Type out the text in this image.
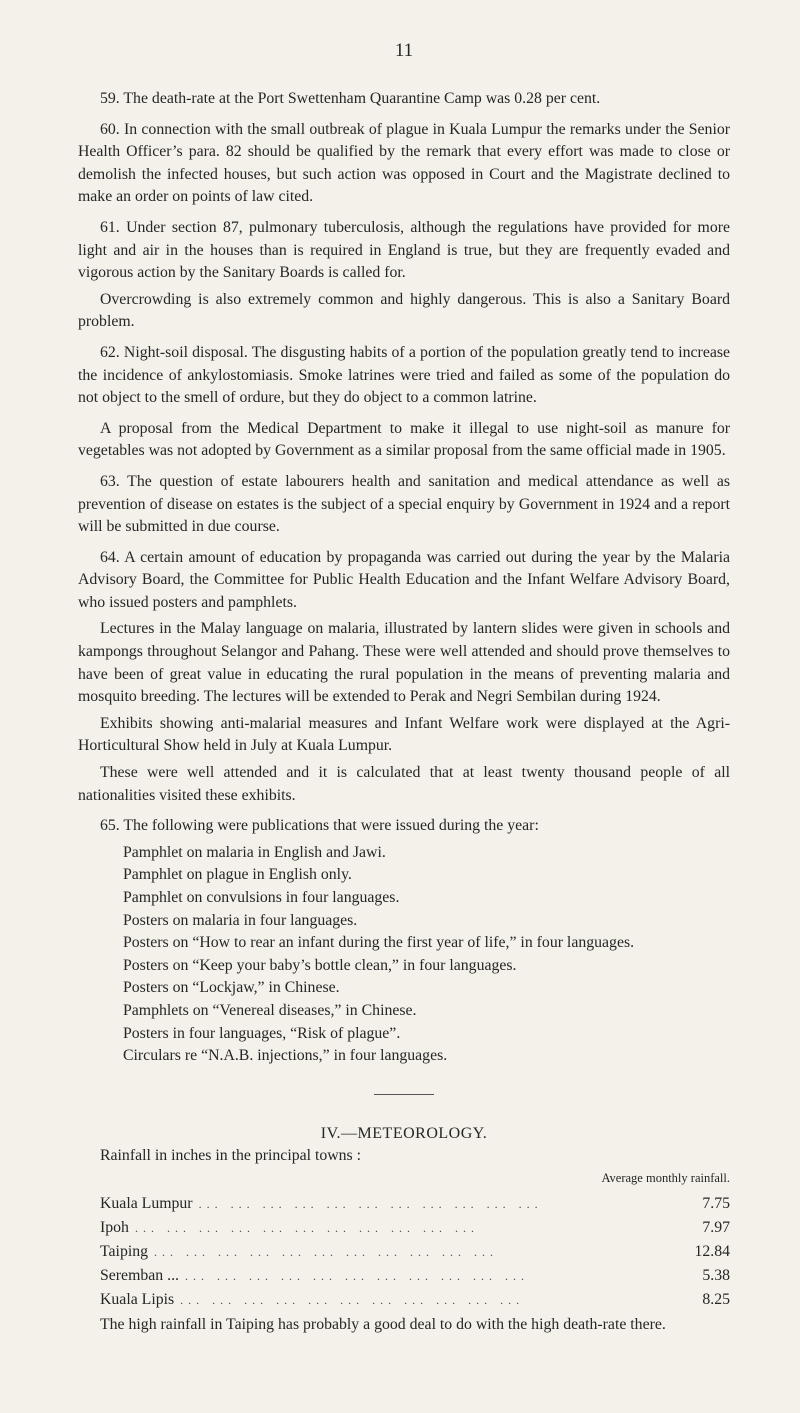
11

59. The death-rate at the Port Swettenham Quarantine Camp was 0.28 per cent.

60. In connection with the small outbreak of plague in Kuala Lumpur the remarks under the Senior Health Officer’s para. 82 should be qualified by the remark that every effort was made to close or demolish the infected houses, but such action was opposed in Court and the Magistrate declined to make an order on points of law cited.

61. Under section 87, pulmonary tuberculosis, although the regulations have provided for more light and air in the houses than is required in England is true, but they are frequently evaded and vigorous action by the Sanitary Boards is called for.

Overcrowding is also extremely common and highly dangerous. This is also a Sanitary Board problem.

62. Night-soil disposal. The disgusting habits of a portion of the population greatly tend to increase the incidence of ankylostomiasis. Smoke latrines were tried and failed as some of the population do not object to the smell of ordure, but they do object to a common latrine.

A proposal from the Medical Department to make it illegal to use night-soil as manure for vegetables was not adopted by Government as a similar proposal from the same official made in 1905.

63. The question of estate labourers health and sanitation and medical attendance as well as prevention of disease on estates is the subject of a special enquiry by Government in 1924 and a report will be submitted in due course.

64. A certain amount of education by propaganda was carried out during the year by the Malaria Advisory Board, the Committee for Public Health Education and the Infant Welfare Advisory Board, who issued posters and pamphlets.

Lectures in the Malay language on malaria, illustrated by lantern slides were given in schools and kampongs throughout Selangor and Pahang. These were well attended and should prove themselves to have been of great value in educating the rural population in the means of preventing malaria and mosquito breeding. The lectures will be extended to Perak and Negri Sembilan during 1924.

Exhibits showing anti-malarial measures and Infant Welfare work were displayed at the Agri-Horticultural Show held in July at Kuala Lumpur.

These were well attended and it is calculated that at least twenty thousand people of all nationalities visited these exhibits.

65. The following were publications that were issued during the year:

Pamphlet on malaria in English and Jawi.
Pamphlet on plague in English only.
Pamphlet on convulsions in four languages.
Posters on malaria in four languages.
Posters on “How to rear an infant during the first year of life,” in four languages.
Posters on “Keep your baby’s bottle clean,” in four languages.
Posters on “Lockjaw,” in Chinese.
Pamphlets on “Venereal diseases,” in Chinese.
Posters in four languages, “Risk of plague”.
Circulars re “N.A.B. injections,” in four languages.
IV.—METEOROLOGY.
Rainfall in inches in the principal towns :
Average monthly rainfall.
Kuala Lumpur ... ... ... ... ... ... ... ... ... ... ...	7.75
Ipoh ... ... ... ... ... ... ... ... ... ... ...	7.97
Taiping ... ... ... ... ... ... ... ... ... ... ...	12.84
Seremban ... ... ... ... ... ... ... ... ... ... ... ...	5.38
Kuala Lipis ... ... ... ... ... ... ... ... ... ... ...	8.25

The high rainfall in Taiping has probably a good deal to do with the high death-rate there.
